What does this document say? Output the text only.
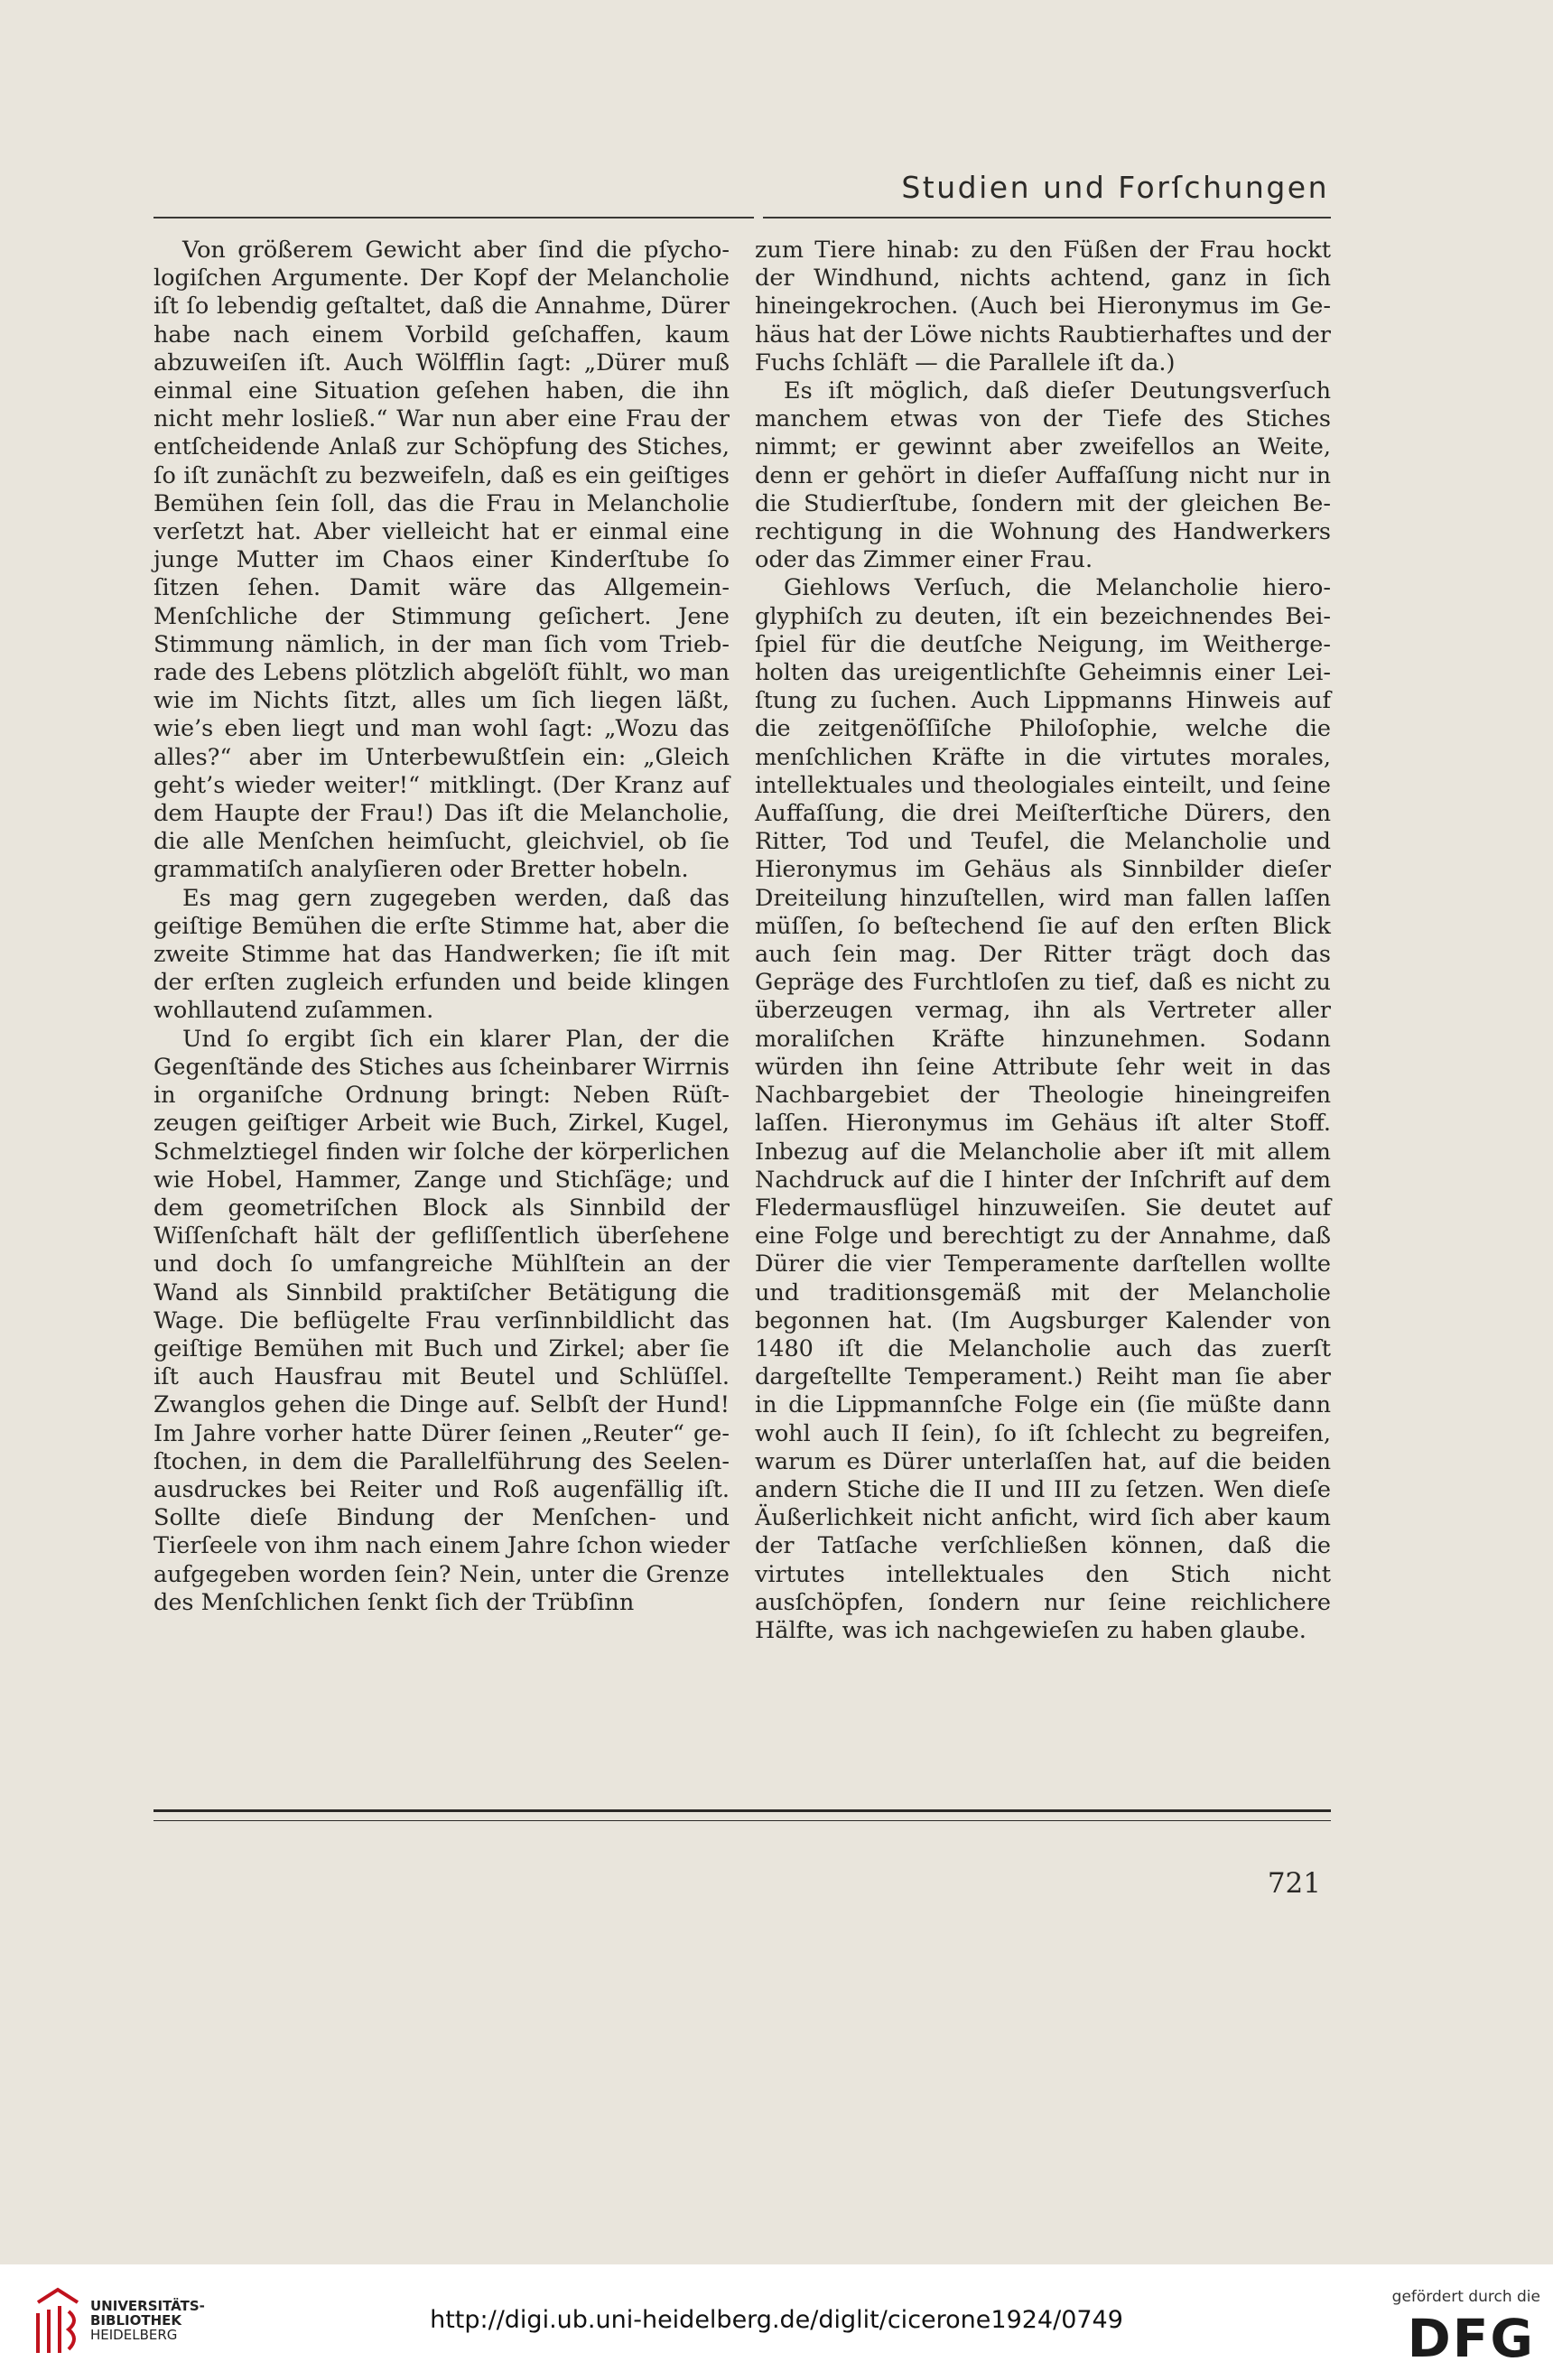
Studien und Forſchungen

Von größerem Gewicht aber ſind die pſychologiſchen Argumente. Der Kopf der Melancholie iſt ſo lebendig geſtaltet, daß die Annahme, Dürer habe nach einem Vorbild geſchaffen, kaum abzuweiſen iſt. Auch Wölfflin ſagt: „Dürer muß einmal eine Situation geſehen haben, die ihn nicht mehr losließ.“ War nun aber eine Frau der entſcheidende Anlaß zur Schöpfung des Stiches, ſo iſt zunächſt zu bezweifeln, daß es ein geiſtiges Bemühen ſein ſoll, das die Frau in Melancholie verſetzt hat. Aber vielleicht hat er einmal eine junge Mutter im Chaos einer Kinderſtube ſo ſitzen ſehen. Damit wäre das Allgemein-Menſchliche der Stimmung geſichert. Jene Stimmung nämlich, in der man ſich vom Triebrade des Lebens plötzlich abgelöſt fühlt, wo man wie im Nichts ſitzt, alles um ſich liegen läßt, wie’s eben liegt und man wohl ſagt: „Wozu das alles?“ aber im Unterbewußtſein ein: „Gleich geht’s wieder weiter!“ mitklingt. (Der Kranz auf dem Haupte der Frau!) Das iſt die Melancholie, die alle Menſchen heimſucht, gleichviel, ob ſie grammatiſch analyſieren oder Bretter hobeln.

Es mag gern zugegeben werden, daß das geiſtige Bemühen die erſte Stimme hat, aber die zweite Stimme hat das Handwerken; ſie iſt mit der erſten zugleich erfunden und beide klingen wohllautend zuſammen.

Und ſo ergibt ſich ein klarer Plan, der die Gegenſtände des Stiches aus ſcheinbarer Wirrnis in organiſche Ordnung bringt: Neben Rüſtzeugen geiſtiger Arbeit wie Buch, Zirkel, Kugel, Schmelztiegel finden wir ſolche der körperlichen wie Hobel, Hammer, Zange und Stichſäge; und dem geometriſchen Block als Sinnbild der Wiſſenſchaft hält der gefliſſentlich überſehene und doch ſo umfangreiche Mühlſtein an der Wand als Sinnbild praktiſcher Betätigung die Wage. Die beflügelte Frau verſinnbildlicht das geiſtige Bemühen mit Buch und Zirkel; aber ſie iſt auch Hausfrau mit Beutel und Schlüſſel. Zwanglos gehen die Dinge auf. Selbſt der Hund! Im Jahre vorher hatte Dürer ſeinen „Reuter“ geſtochen, in dem die Parallelführung des Seelenausdruckes bei Reiter und Roß augenfällig iſt. Sollte dieſe Bindung der Menſchen- und Tierſeele von ihm nach einem Jahre ſchon wieder aufgegeben worden ſein? Nein, unter die Grenze des Menſchlichen ſenkt ſich der Trübſinn

zum Tiere hinab: zu den Füßen der Frau hockt der Windhund, nichts achtend, ganz in ſich hineingekrochen. (Auch bei Hieronymus im Gehäus hat der Löwe nichts Raubtierhaftes und der Fuchs ſchläft — die Parallele iſt da.)

Es iſt möglich, daß dieſer Deutungsverſuch manchem etwas von der Tiefe des Stiches nimmt; er gewinnt aber zweifellos an Weite, denn er gehört in dieſer Auffaſſung nicht nur in die Studierſtube, ſondern mit der gleichen Berechtigung in die Wohnung des Handwerkers oder das Zimmer einer Frau.

Giehlows Verſuch, die Melancholie hieroglyphiſch zu deuten, iſt ein bezeichnendes Beiſpiel für die deutſche Neigung, im Weithergeholten das ureigentlichſte Geheimnis einer Leiſtung zu ſuchen. Auch Lippmanns Hinweis auf die zeitgenöſſiſche Philoſophie, welche die menſchlichen Kräfte in die virtutes morales, intellektuales und theologiales einteilt, und ſeine Auffaſſung, die drei Meiſterſtiche Dürers, den Ritter, Tod und Teufel, die Melancholie und Hieronymus im Gehäus als Sinnbilder dieſer Dreiteilung hinzuſtellen, wird man fallen laſſen müſſen, ſo beſtechend ſie auf den erſten Blick auch ſein mag. Der Ritter trägt doch das Gepräge des Furchtloſen zu tief, daß es nicht zu überzeugen vermag, ihn als Vertreter aller moraliſchen Kräfte hinzunehmen. Sodann würden ihn ſeine Attribute ſehr weit in das Nachbargebiet der Theologie hineingreifen laſſen. Hieronymus im Gehäus iſt alter Stoff. Inbezug auf die Melancholie aber iſt mit allem Nachdruck auf die I hinter der Inſchrift auf dem Fledermausflügel hinzuweiſen. Sie deutet auf eine Folge und berechtigt zu der Annahme, daß Dürer die vier Temperamente darſtellen wollte und traditionsgemäß mit der Melancholie begonnen hat. (Im Augsburger Kalender von 1480 iſt die Melancholie auch das zuerſt dargeſtellte Temperament.) Reiht man ſie aber in die Lippmannſche Folge ein (ſie müßte dann wohl auch II ſein), ſo iſt ſchlecht zu begreifen, warum es Dürer unterlaſſen hat, auf die beiden andern Stiche die II und III zu ſetzen. Wen dieſe Äußerlichkeit nicht anficht, wird ſich aber kaum der Tatſache verſchließen können, daß die virtutes intellektuales den Stich nicht ausſchöpfen, ſondern nur ſeine reichlichere Hälfte, was ich nachgewieſen zu haben glaube.

721
UNIVERSITÄTS-
BIBLIOTHEK
HEIDELBERG
http://digi.ub.uni-heidelberg.de/diglit/cicerone1924/0749
gefördert durch die
DFG
